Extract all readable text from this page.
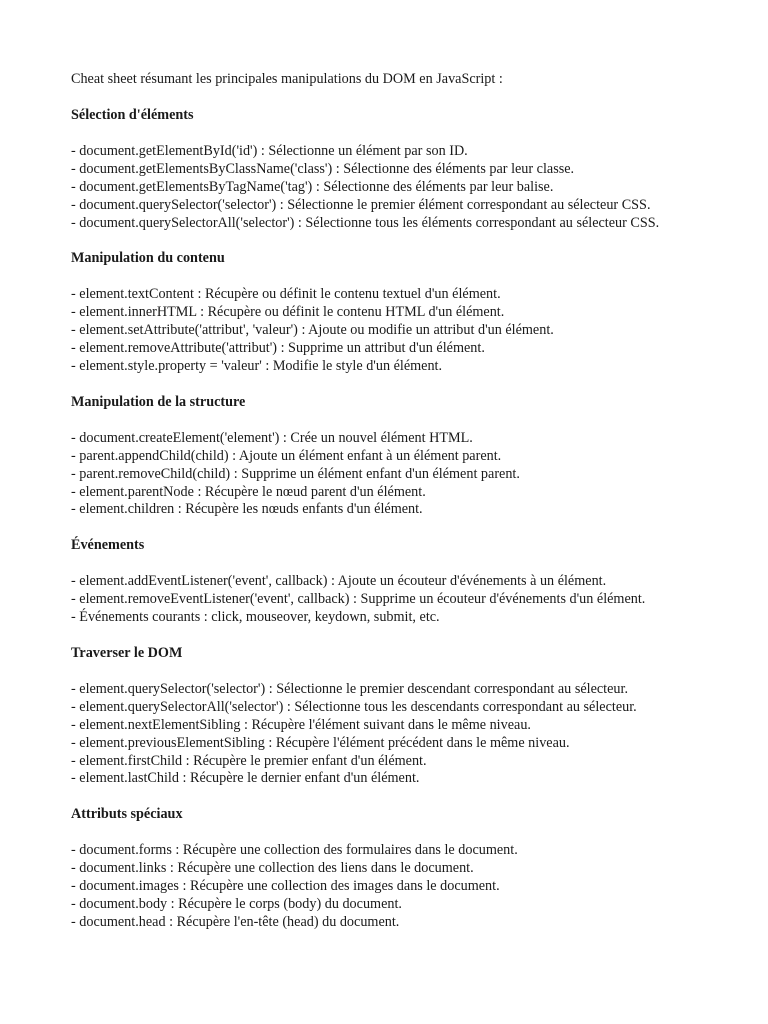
Cheat sheet résumant les principales manipulations du DOM en JavaScript :

Sélection d'éléments

- document.getElementById('id') : Sélectionne un élément par son ID.
- document.getElementsByClassName('class') : Sélectionne des éléments par leur classe.
- document.getElementsByTagName('tag') : Sélectionne des éléments par leur balise.
- document.querySelector('selector') : Sélectionne le premier élément correspondant au sélecteur CSS.
- document.querySelectorAll('selector') : Sélectionne tous les éléments correspondant au sélecteur CSS.

Manipulation du contenu

- element.textContent : Récupère ou définit le contenu textuel d'un élément.
- element.innerHTML : Récupère ou définit le contenu HTML d'un élément.
- element.setAttribute('attribut', 'valeur') : Ajoute ou modifie un attribut d'un élément.
- element.removeAttribute('attribut') : Supprime un attribut d'un élément.
- element.style.property = 'valeur' : Modifie le style d'un élément.

Manipulation de la structure

- document.createElement('element') : Crée un nouvel élément HTML.
- parent.appendChild(child) : Ajoute un élément enfant à un élément parent.
- parent.removeChild(child) : Supprime un élément enfant d'un élément parent.
- element.parentNode : Récupère le nœud parent d'un élément.
- element.children : Récupère les nœuds enfants d'un élément.

Événements

- element.addEventListener('event', callback) : Ajoute un écouteur d'événements à un élément.
- element.removeEventListener('event', callback) : Supprime un écouteur d'événements d'un élément.
- Événements courants : click, mouseover, keydown, submit, etc.

Traverser le DOM

- element.querySelector('selector') : Sélectionne le premier descendant correspondant au sélecteur.
- element.querySelectorAll('selector') : Sélectionne tous les descendants correspondant au sélecteur.
- element.nextElementSibling : Récupère l'élément suivant dans le même niveau.
- element.previousElementSibling : Récupère l'élément précédent dans le même niveau.
- element.firstChild : Récupère le premier enfant d'un élément.
- element.lastChild : Récupère le dernier enfant d'un élément.

Attributs spéciaux

- document.forms : Récupère une collection des formulaires dans le document.
- document.links : Récupère une collection des liens dans le document.
- document.images : Récupère une collection des images dans le document.
- document.body : Récupère le corps (body) du document.
- document.head : Récupère l'en-tête (head) du document.
